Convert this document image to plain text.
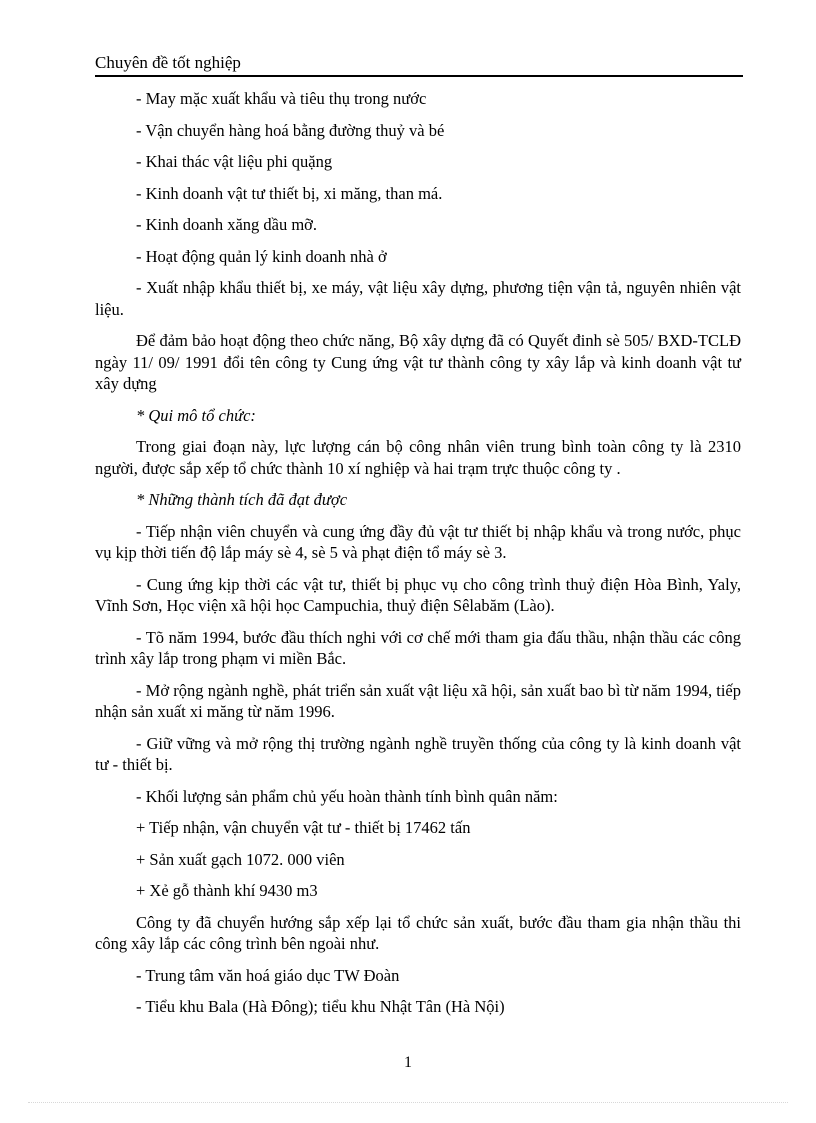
Chuyên đề tốt nghiệp

- May mặc xuất khẩu và tiêu thụ trong nước

- Vận chuyển hàng hoá bằng đường thuỷ và bé

- Khai thác vật liệu phi quặng

- Kinh doanh vật tư thiết bị, xi măng, than má.

- Kinh doanh xăng dầu mỡ.

- Hoạt động quản lý kinh doanh nhà ở

- Xuất nhập khẩu thiết bị, xe máy, vật liệu xây dựng, phương tiện vận tả, nguyên nhiên vật liệu.

Để đảm bảo hoạt động theo chức năng, Bộ xây dựng đã có Quyết đinh sè 505/ BXD-TCLĐ ngày 11/ 09/ 1991 đổi tên công ty Cung ứng vật tư thành công ty xây lắp và kinh doanh vật tư xây dựng

* Qui mô tổ chức:

Trong giai đoạn này, lực lượng cán bộ công nhân viên trung bình toàn công ty là 2310 người, được sắp xếp tổ chức thành 10 xí nghiệp và hai trạm trực thuộc công ty .

* Những thành tích đã đạt được

- Tiếp nhận viên chuyển và cung ứng đầy đủ vật tư thiết bị nhập khẩu và trong nước, phục vụ kịp thời tiến độ lắp máy sè 4, sè 5 và phạt điện tổ máy sè 3.

- Cung ứng kịp thời các vật tư, thiết bị phục vụ cho công trình thuỷ điện Hòa Bình, Yaly, Vĩnh Sơn, Học viện xã hội học Campuchia, thuỷ điện Sêlabăm (Lào).

- Tõ năm 1994, bước đầu thích nghi với cơ chế mới tham gia đấu thầu, nhận thầu các công trình xây lắp trong phạm vi miền Bắc.

- Mở rộng ngành nghề, phát triển sản xuất vật liệu xã hội, sản xuất bao bì từ năm 1994, tiếp nhận sản xuất xi măng từ năm 1996.

- Giữ vững và mở rộng thị trường ngành nghề truyền thống của công ty là kinh doanh vật tư - thiết bị.

- Khối lượng sản phẩm chủ yếu hoàn thành tính bình quân năm:

+ Tiếp nhận, vận chuyển vật tư - thiết bị 17462 tấn

+ Sản xuất gạch 1072. 000 viên

+ Xẻ gỗ thành khí 9430 m3

Công ty đã chuyển hướng sắp xếp lại tổ chức sản xuất, bước đầu tham gia nhận thầu thi công xây lắp các công trình bên ngoài như.

- Trung tâm văn hoá giáo dục TW Đoàn

- Tiểu khu Bala (Hà Đông); tiểu khu Nhật Tân (Hà Nội)

1
